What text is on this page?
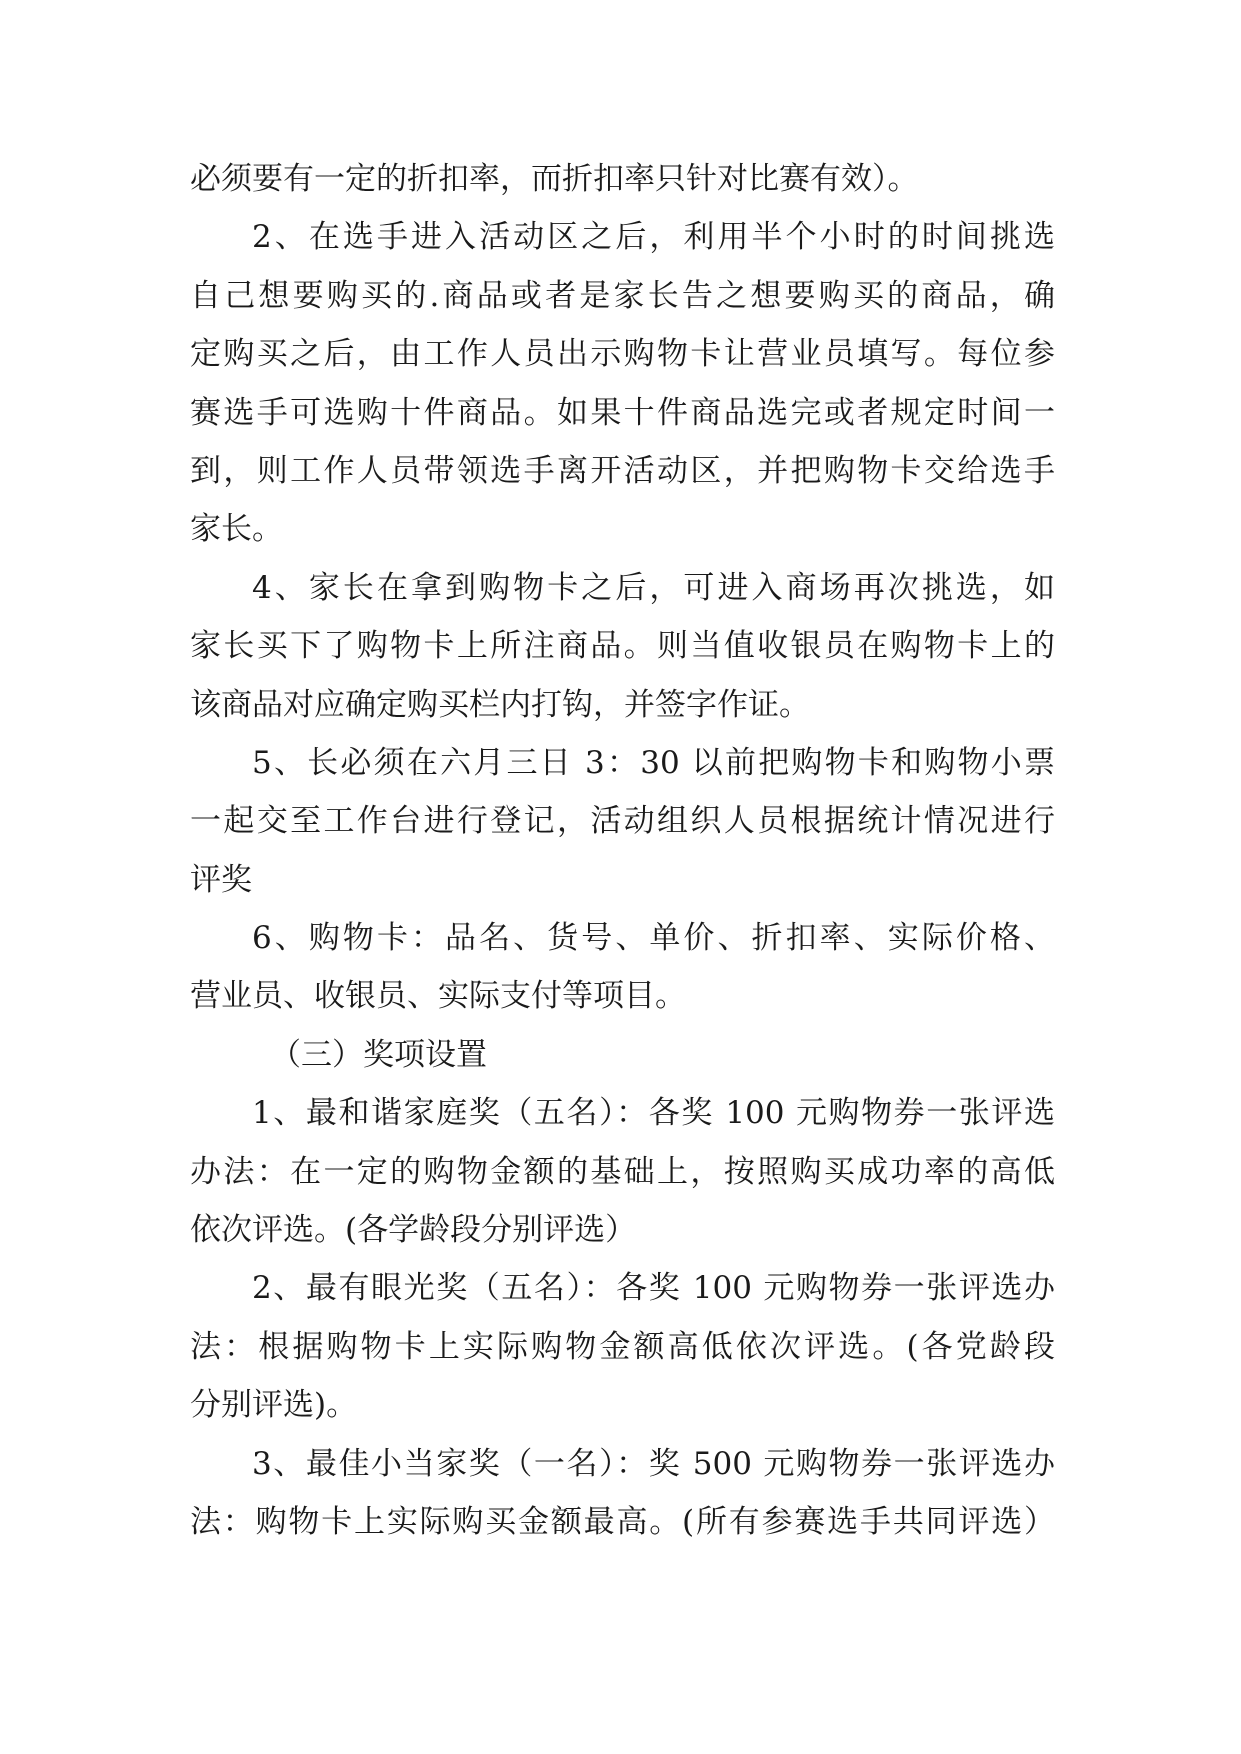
必须要有一定的折扣率，而折扣率只针对比赛有效）。
2、在选手进入活动区之后，利用半个小时的时间挑选
自己想要购买的.商品或者是家长告之想要购买的商品，确
定购买之后，由工作人员出示购物卡让营业员填写。每位参
赛选手可选购十件商品。如果十件商品选完或者规定时间一
到，则工作人员带领选手离开活动区，并把购物卡交给选手
家长。
4、家长在拿到购物卡之后，可进入商场再次挑选，如
家长买下了购物卡上所注商品。则当值收银员在购物卡上的
该商品对应确定购买栏内打钩，并签字作证。
5、长必须在六月三日 3：30 以前把购物卡和购物小票
一起交至工作台进行登记，活动组织人员根据统计情况进行
评奖
6、购物卡：品名、货号、单价、折扣率、实际价格、
营业员、收银员、实际支付等项目。
（三）奖项设置
1、最和谐家庭奖（五名）：各奖 100 元购物券一张评选
办法：在一定的购物金额的基础上，按照购买成功率的高低
依次评选。(各学龄段分别评选）
2、最有眼光奖（五名）：各奖 100 元购物券一张评选办
法：根据购物卡上实际购物金额高低依次评选。(各党龄段
分别评选)。
3、最佳小当家奖（一名）：奖 500 元购物券一张评选办
法：购物卡上实际购买金额最高。(所有参赛选手共同评选）
